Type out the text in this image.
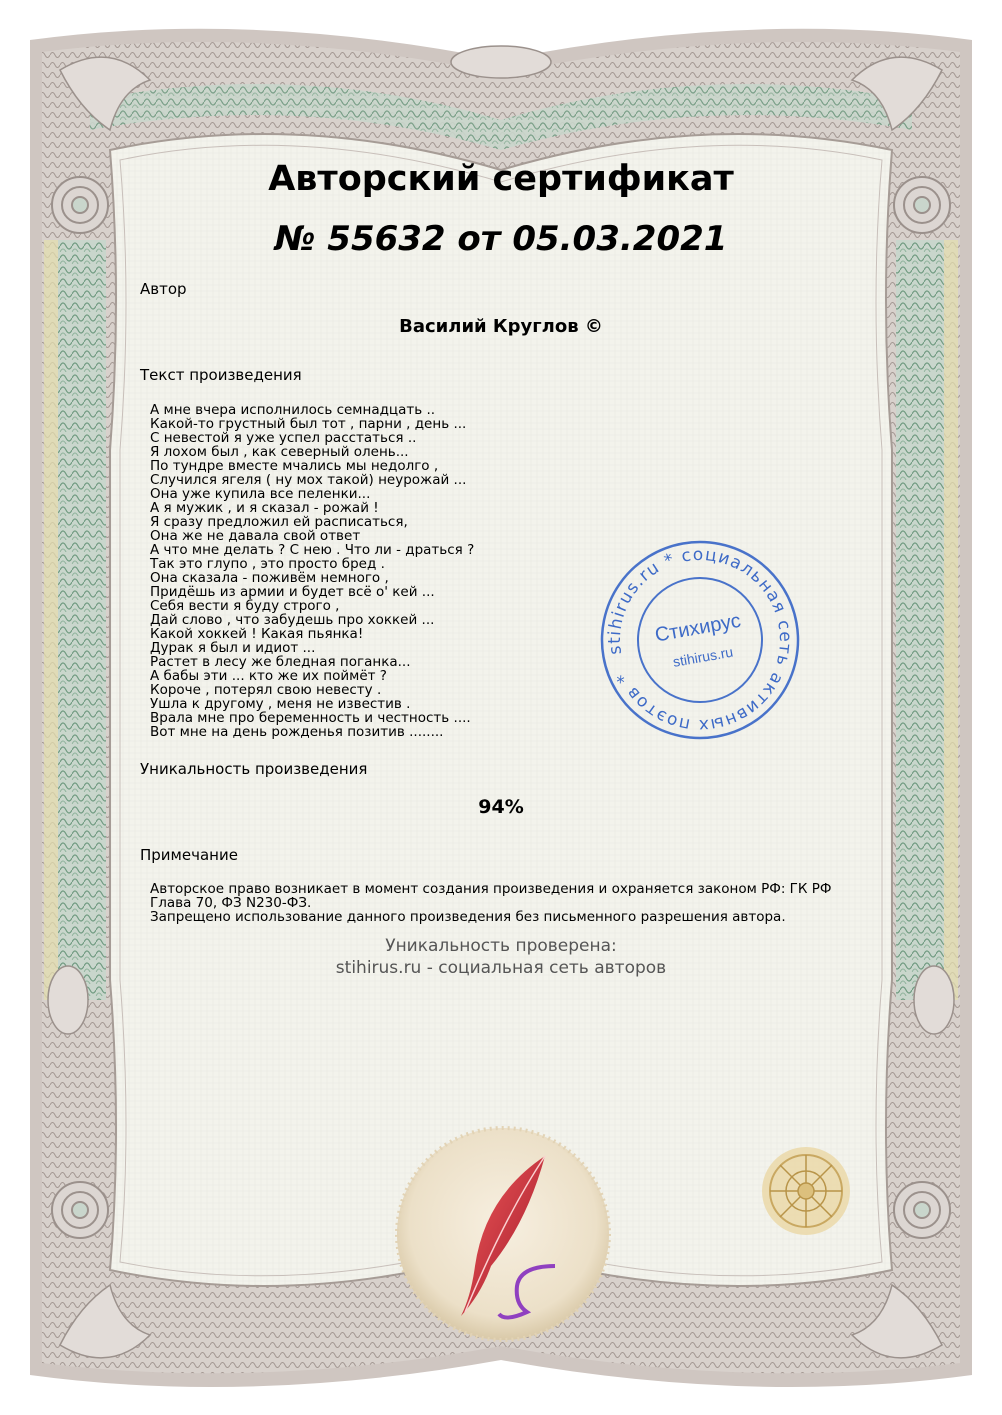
Авторский сертификат
№ 55632 от 05.03.2021
Автор
Василий Круглов ©
Текст произведения
А мне вчера исполнилось семнадцать ..
Какой-то грустный был тот , парни , день ...
С невестой я уже успел расстаться ..
Я лохом был , как северный олень...
По тундре вместе мчались мы недолго ,
Случился ягеля ( ну мох такой) неурожай ...
Она уже купила все пеленки...
А я мужик , и я сказал - рожай !
Я сразу предложил ей расписаться,
Она же не давала свой ответ
А что мне делать ? С нею . Что ли - драться ?
Так это глупо , это просто бред .
Она сказала - поживём немного ,
Придёшь из армии и будет всё о' кей ...
Себя вести я буду строго ,
Дай слово , что забудешь про хоккей ...
Какой хоккей ! Какая пьянка!
Дурак я был и идиот ...
Растет в лесу же бледная поганка...
А бабы эти ... кто же их поймёт ?
Короче , потерял свою невесту .
Ушла к другому , меня не известив .
Врала мне про беременность и честность ....
Вот мне на день рожденья позитив ........
Уникальность произведения
94%
Примечание
Авторское право возникает в момент создания произведения и охраняется законом РФ: ГК РФ Глава 70, ФЗ N230-ФЗ.
Запрещено использование данного произведения без письменного разрешения автора.
Уникальность проверена:
stihirus.ru - социальная сеть авторов
stihirus.ru * социальная сеть активных поэтов *
Стихирус
stihirus.ru
